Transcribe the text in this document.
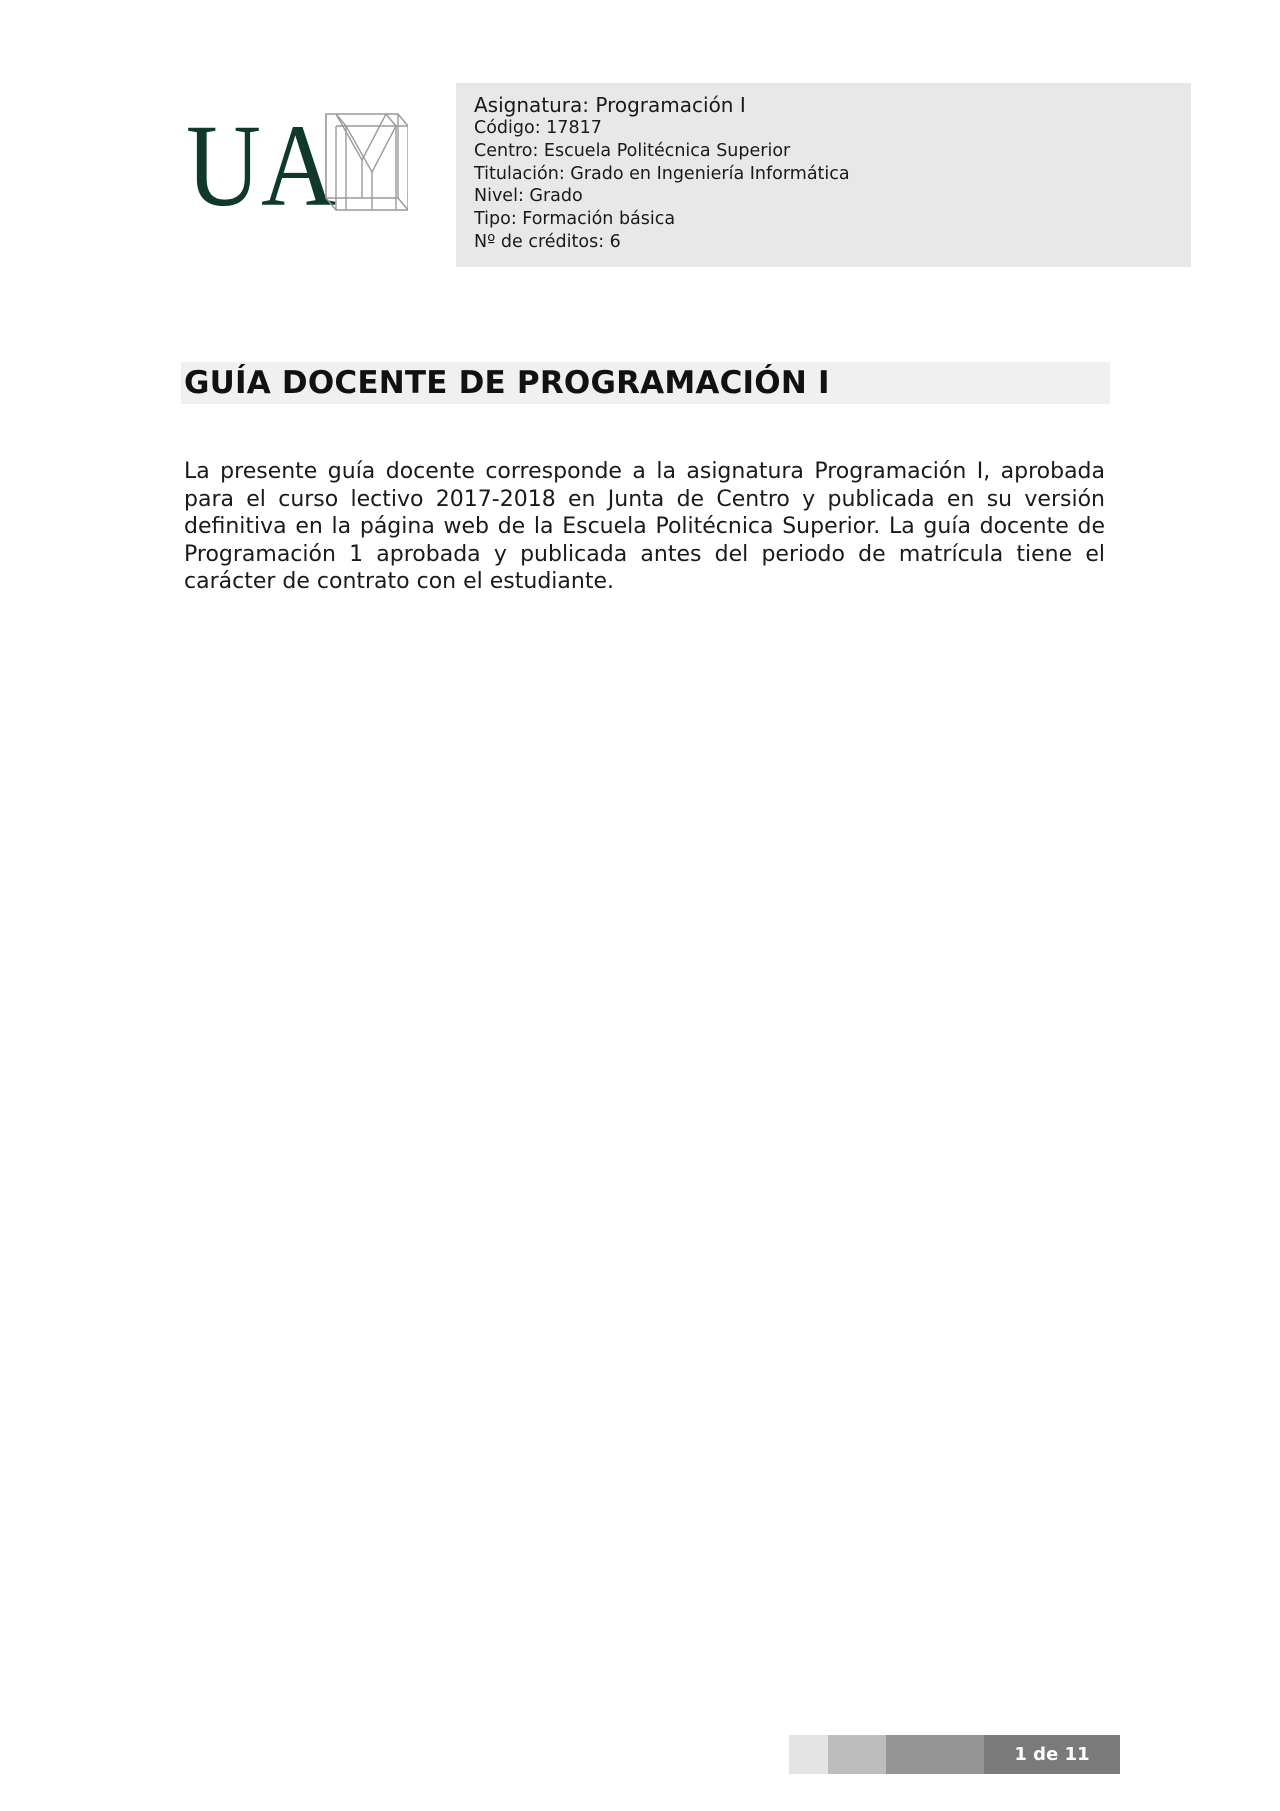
UA	Asignatura: Programación I
Código: 17817
Centro: Escuela Politécnica Superior
Titulación: Grado en Ingeniería Informática
Nivel: Grado
Tipo: Formación básica
Nº de créditos: 6
GUÍA DOCENTE DE PROGRAMACIÓN I

La presente guía docente corresponde a la asignatura Programación I, aprobada para el curso lectivo 2017-2018 en Junta de Centro y publicada en su versión definitiva en la página web de la Escuela Politécnica Superior. La guía docente de Programación 1 aprobada y publicada antes del periodo de matrícula tiene el carácter de contrato con el estudiante.

1 de 11
